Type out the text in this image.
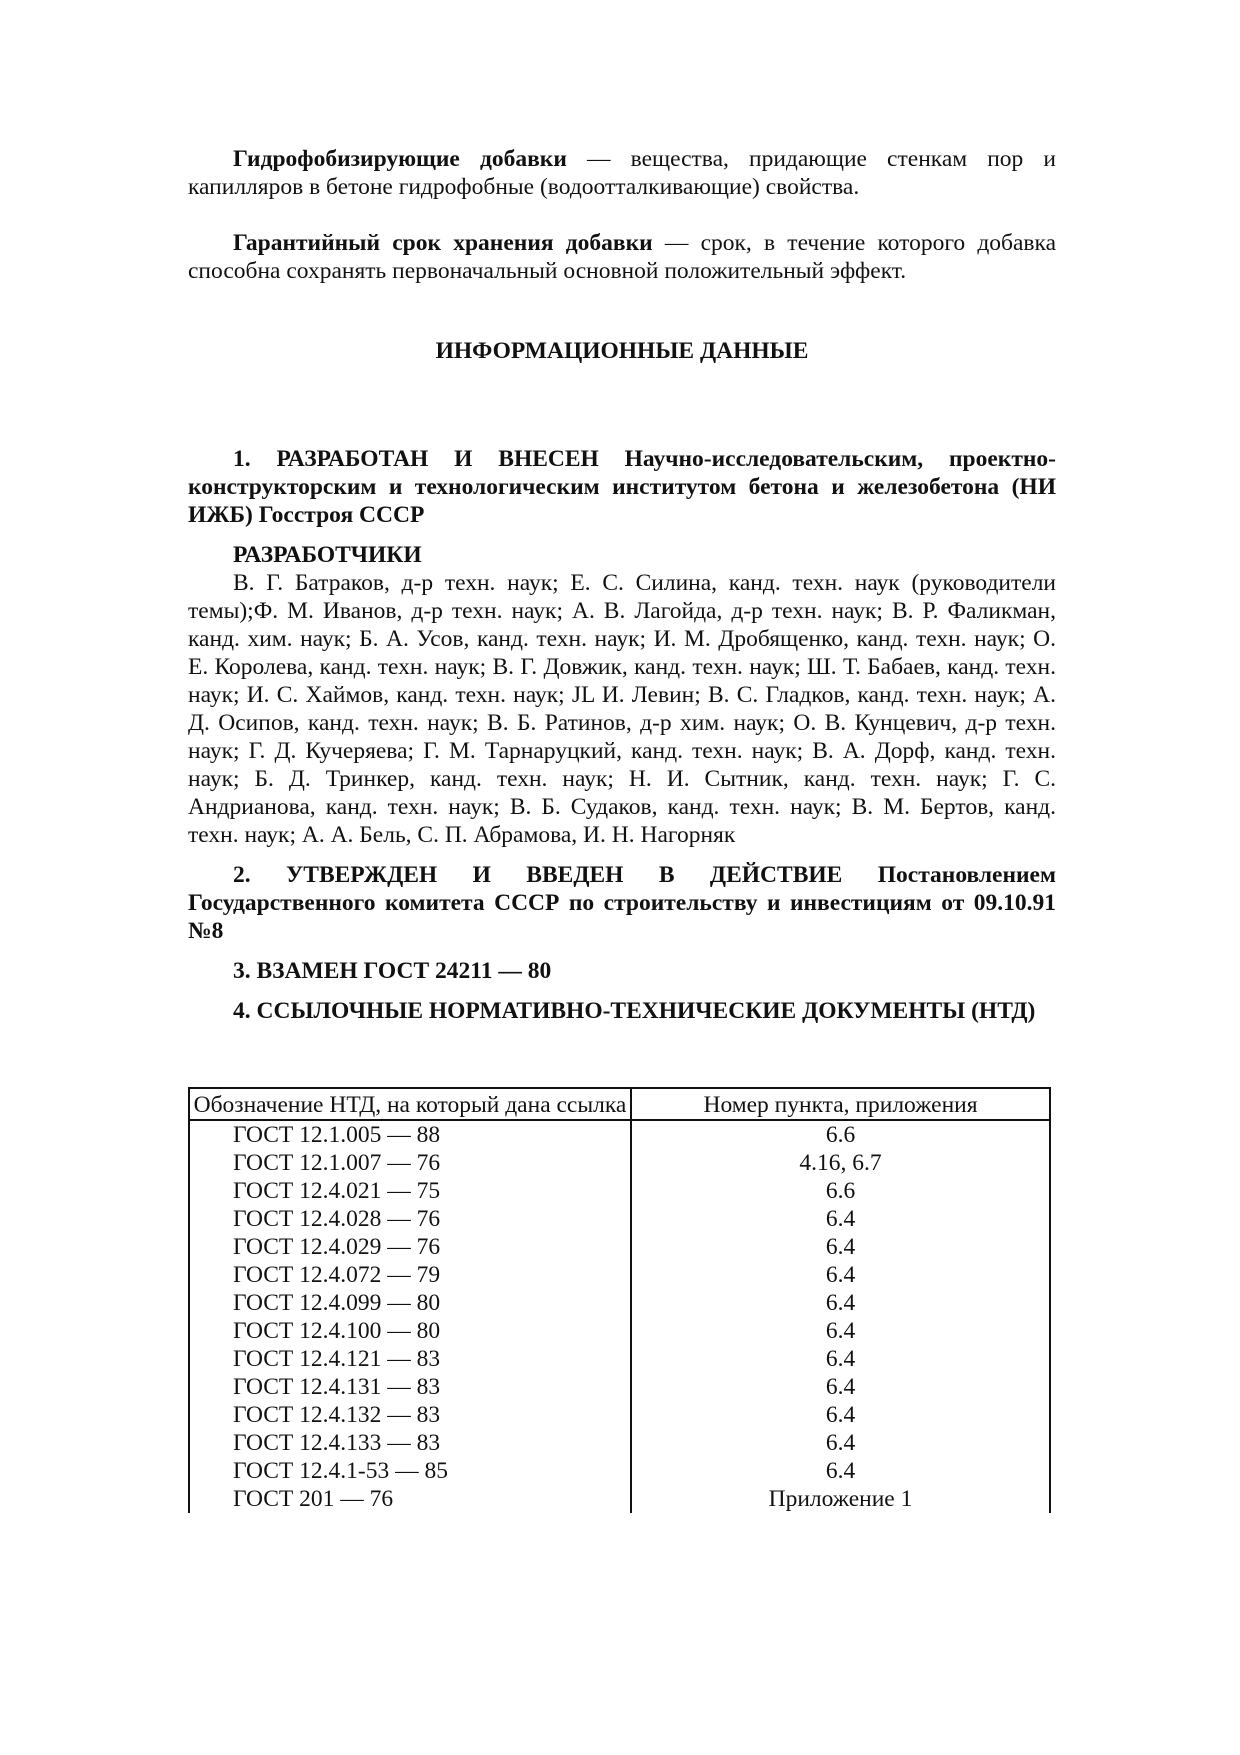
Гидрофобизирующие добавки — вещества, придающие стенкам пор и капилляров в бетоне гидрофобные (водоотталкивающие) свойства.

Гарантийный срок хранения добавки — срок, в течение которого добавка способна сохранять первоначальный основной положительный эффект.

ИНФОРМАЦИОННЫЕ ДАННЫЕ

1. РАЗРАБОТАН И ВНЕСЕН Научно-исследовательским, проектно-конструкторским и технологическим институтом бетона и железобетона (НИ ИЖБ) Госстроя СССР

РАЗРАБОТЧИКИ

В. Г. Батраков, д-р техн. наук; Е. С. Силина, канд. техн. наук (руководители темы);Ф. М. Иванов, д-р техн. наук; А. В. Лагойда, д-р техн. наук; В. Р. Фаликман, канд. хим. наук; Б. А. Усов, канд. техн. наук; И. М. Дробященко, канд. техн. наук; О. Е. Королева, канд. техн. наук; В. Г. Довжик, канд. техн. наук; Ш. Т. Бабаев, канд. техн. наук; И. С. Хаймов, канд. техн. наук; JL И. Левин; В. С. Гладков, канд. техн. наук; А. Д. Осипов, канд. техн. наук; В. Б. Ратинов, д-р хим. наук; О. В. Кунцевич, д-р техн. наук; Г. Д. Кучеряева; Г. М. Тарнаруцкий, канд. техн. наук; В. А. Дорф, канд. техн. наук; Б. Д. Тринкер, канд. техн. наук; Н. И. Сытник, канд. техн. наук; Г. С. Андрианова, канд. техн. наук; В. Б. Судаков, канд. техн. наук; В. М. Бертов, канд. техн. наук; А. А. Бель, С. П. Абрамова, И. Н. Нагорняк

2. УТВЕРЖДЕН И ВВЕДЕН В ДЕЙСТВИЕ Постановлением Государственного комитета СССР по строительству и инвестициям от 09.10.91 №8

3. ВЗАМЕН ГОСТ 24211 — 80

4. ССЫЛОЧНЫЕ НОРМАТИВНО-ТЕХНИЧЕСКИЕ ДОКУМЕНТЫ (НТД)

Обозначение НТД, на который дана ссылка	Номер пункта, приложения
ГОСТ 12.1.005 — 88	6.6
ГОСТ 12.1.007 — 76	4.16, 6.7
ГОСТ 12.4.021 — 75	6.6
ГОСТ 12.4.028 — 76	6.4
ГОСТ 12.4.029 — 76	6.4
ГОСТ 12.4.072 — 79	6.4
ГОСТ 12.4.099 — 80	6.4
ГОСТ 12.4.100 — 80	6.4
ГОСТ 12.4.121 — 83	6.4
ГОСТ 12.4.131 — 83	6.4
ГОСТ 12.4.132 — 83	6.4
ГОСТ 12.4.133 — 83	6.4
ГОСТ 12.4.1-53 — 85	6.4
ГОСТ 201 — 76	Приложение 1
